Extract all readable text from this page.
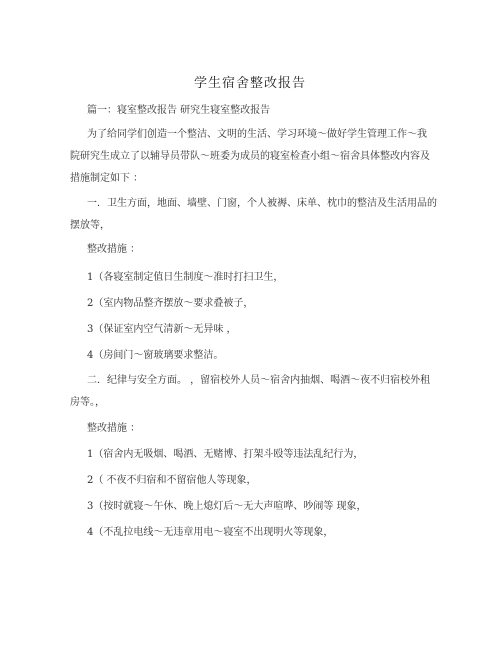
学生宿舍整改报告
篇一：寝室整改报告 研究生寝室整改报告
为了给同学们创造一个整洁、文明的生活、学习环境～做好学生管理工作～我
院研究生成立了以辅导员带队～班委为成员的寝室检查小组～宿舍具体整改内容及
措施制定如下 ：
一．卫生方面，地面、墙壁、门窗，个人被褥、床单、枕巾的整洁及生活用品的
摆放等，
整改措施 ：
1（各寝室制定值日生制度～准时打扫卫生，
2（室内物品整齐摆放～要求叠被子，
3（保证室内空气清新～无异味 ，
4（房间门～窗玻璃要求整洁。
二．纪律与安全方面。 ，留宿校外人员～宿舍内抽烟、喝酒～夜不归宿校外租
房等。，
整改措施 ：
1（宿舍内无吸烟、喝酒、无赌博、打架斗殴等违法乱纪行为，
2（ 不夜不归宿和不留宿他人等现象，
3（按时就寝～午休、晚上熄灯后～无大声喧哗、吵闹等 现象，
4（不乱拉电线～无违章用电～寝室不出现明火等现象，
